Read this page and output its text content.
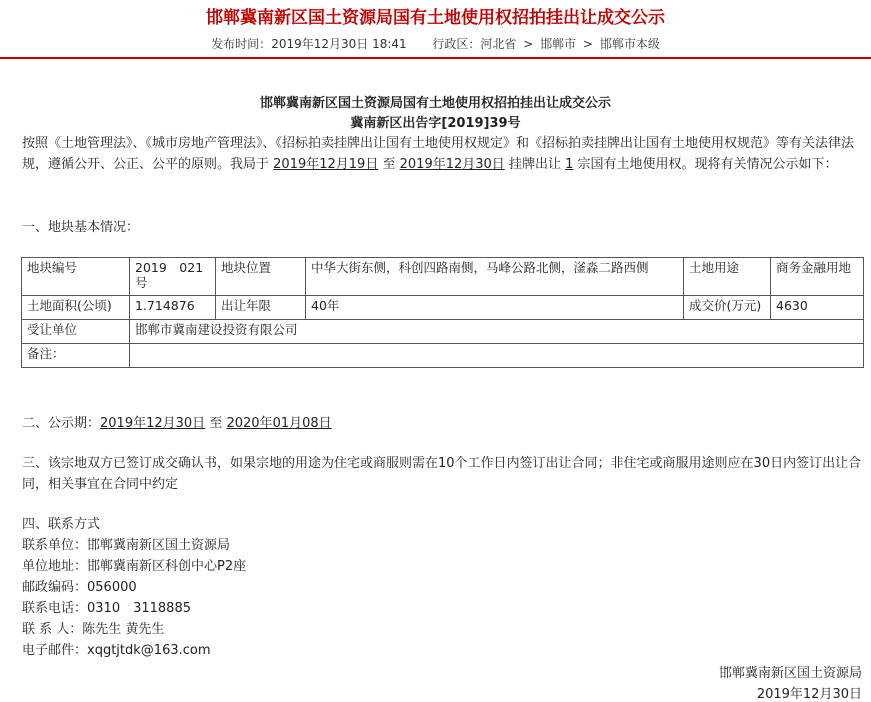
邯郸冀南新区国土资源局国有土地使用权招拍挂出让成交公示
发布时间：2019年12月30日 18:41 行政区：河北省 > 邯郸市 > 邯郸市本级
邯郸冀南新区国土资源局国有土地使用权招拍挂出让成交公示
冀南新区出告字[2019]39号

按照《土地管理法》、《城市房地产管理法》、《招标拍卖挂牌出让国有土地使用权规定》和《招标拍卖挂牌出让国有土地使用权规范》等有关法律法规，遵循公开、公正、公平的原则。我局于 2019年12月19日 至 2019年12月30日 挂牌出让 1 宗国有土地使用权。现将有关情况公示如下：

一、地块基本情况：

地块编号	2019　021号	地块位置	中华大街东侧，科创四路南侧，马峰公路北侧，滏淼二路西侧	土地用途	商务金融用地
土地面积(公顷)	1.714876	出让年限	40年	成交价(万元)	4630
受让单位	邯郸市冀南建设投资有限公司				
备注：					

二、公示期：2019年12月30日 至 2020年01月08日

三、该宗地双方已签订成交确认书，如果宗地的用途为住宅或商服则需在10个工作日内签订出让合同；非住宅或商服用途则应在30日内签订出让合同，相关事宜在合同中约定

四、联系方式

联系单位：邯郸冀南新区国土资源局

单位地址：邯郸冀南新区科创中心P2座

邮政编码：056000

联系电话：0310　3118885

联 系 人：陈先生 黄先生

电子邮件：xqgtjtdk@163.com

邯郸冀南新区国土资源局
2019年12月30日
